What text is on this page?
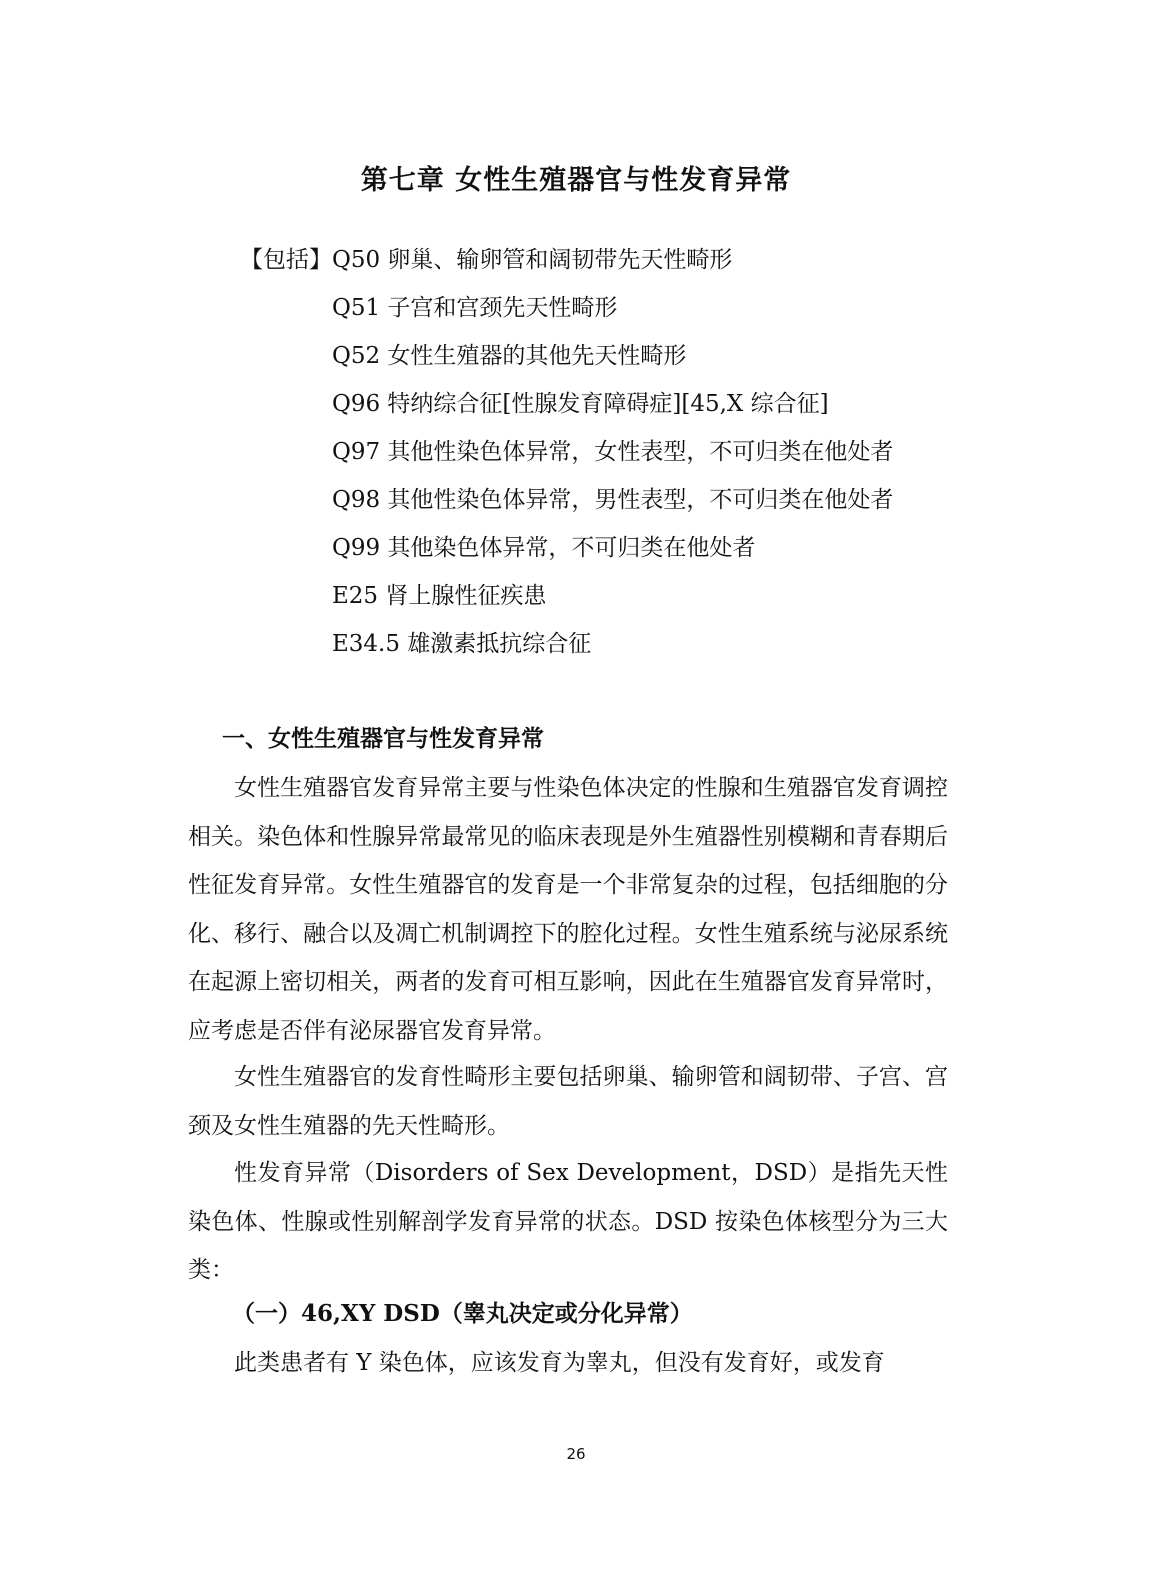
第七章 女性生殖器官与性发育异常
【包括】 Q50 卵巢、输卵管和阔韧带先天性畸形
Q51 子宫和宫颈先天性畸形
Q52 女性生殖器的其他先天性畸形
Q96 特纳综合征[性腺发育障碍症][45,X 综合征]
Q97 其他性染色体异常，女性表型，不可归类在他处者
Q98 其他性染色体异常，男性表型，不可归类在他处者
Q99 其他染色体异常，不可归类在他处者
E25 肾上腺性征疾患
E34.5 雄激素抵抗综合征
一、女性生殖器官与性发育异常

女性生殖器官发育异常主要与性染色体决定的性腺和生殖器官发育调控相关。染色体和性腺异常最常见的临床表现是外生殖器性别模糊和青春期后性征发育异常。女性生殖器官的发育是一个非常复杂的过程，包括细胞的分化、移行、融合以及凋亡机制调控下的腔化过程。女性生殖系统与泌尿系统在起源上密切相关，两者的发育可相互影响，因此在生殖器官发育异常时，应考虑是否伴有泌尿器官发育异常。

女性生殖器官的发育性畸形主要包括卵巢、输卵管和阔韧带、子宫、宫颈及女性生殖器的先天性畸形。

性发育异常（Disorders of Sex Development，DSD）是指先天性染色体、性腺或性别解剖学发育异常的状态。DSD 按染色体核型分为三大类：

（一）46,XY DSD（睾丸决定或分化异常）

此类患者有 Y 染色体，应该发育为睾丸，但没有发育好，或发育

26
